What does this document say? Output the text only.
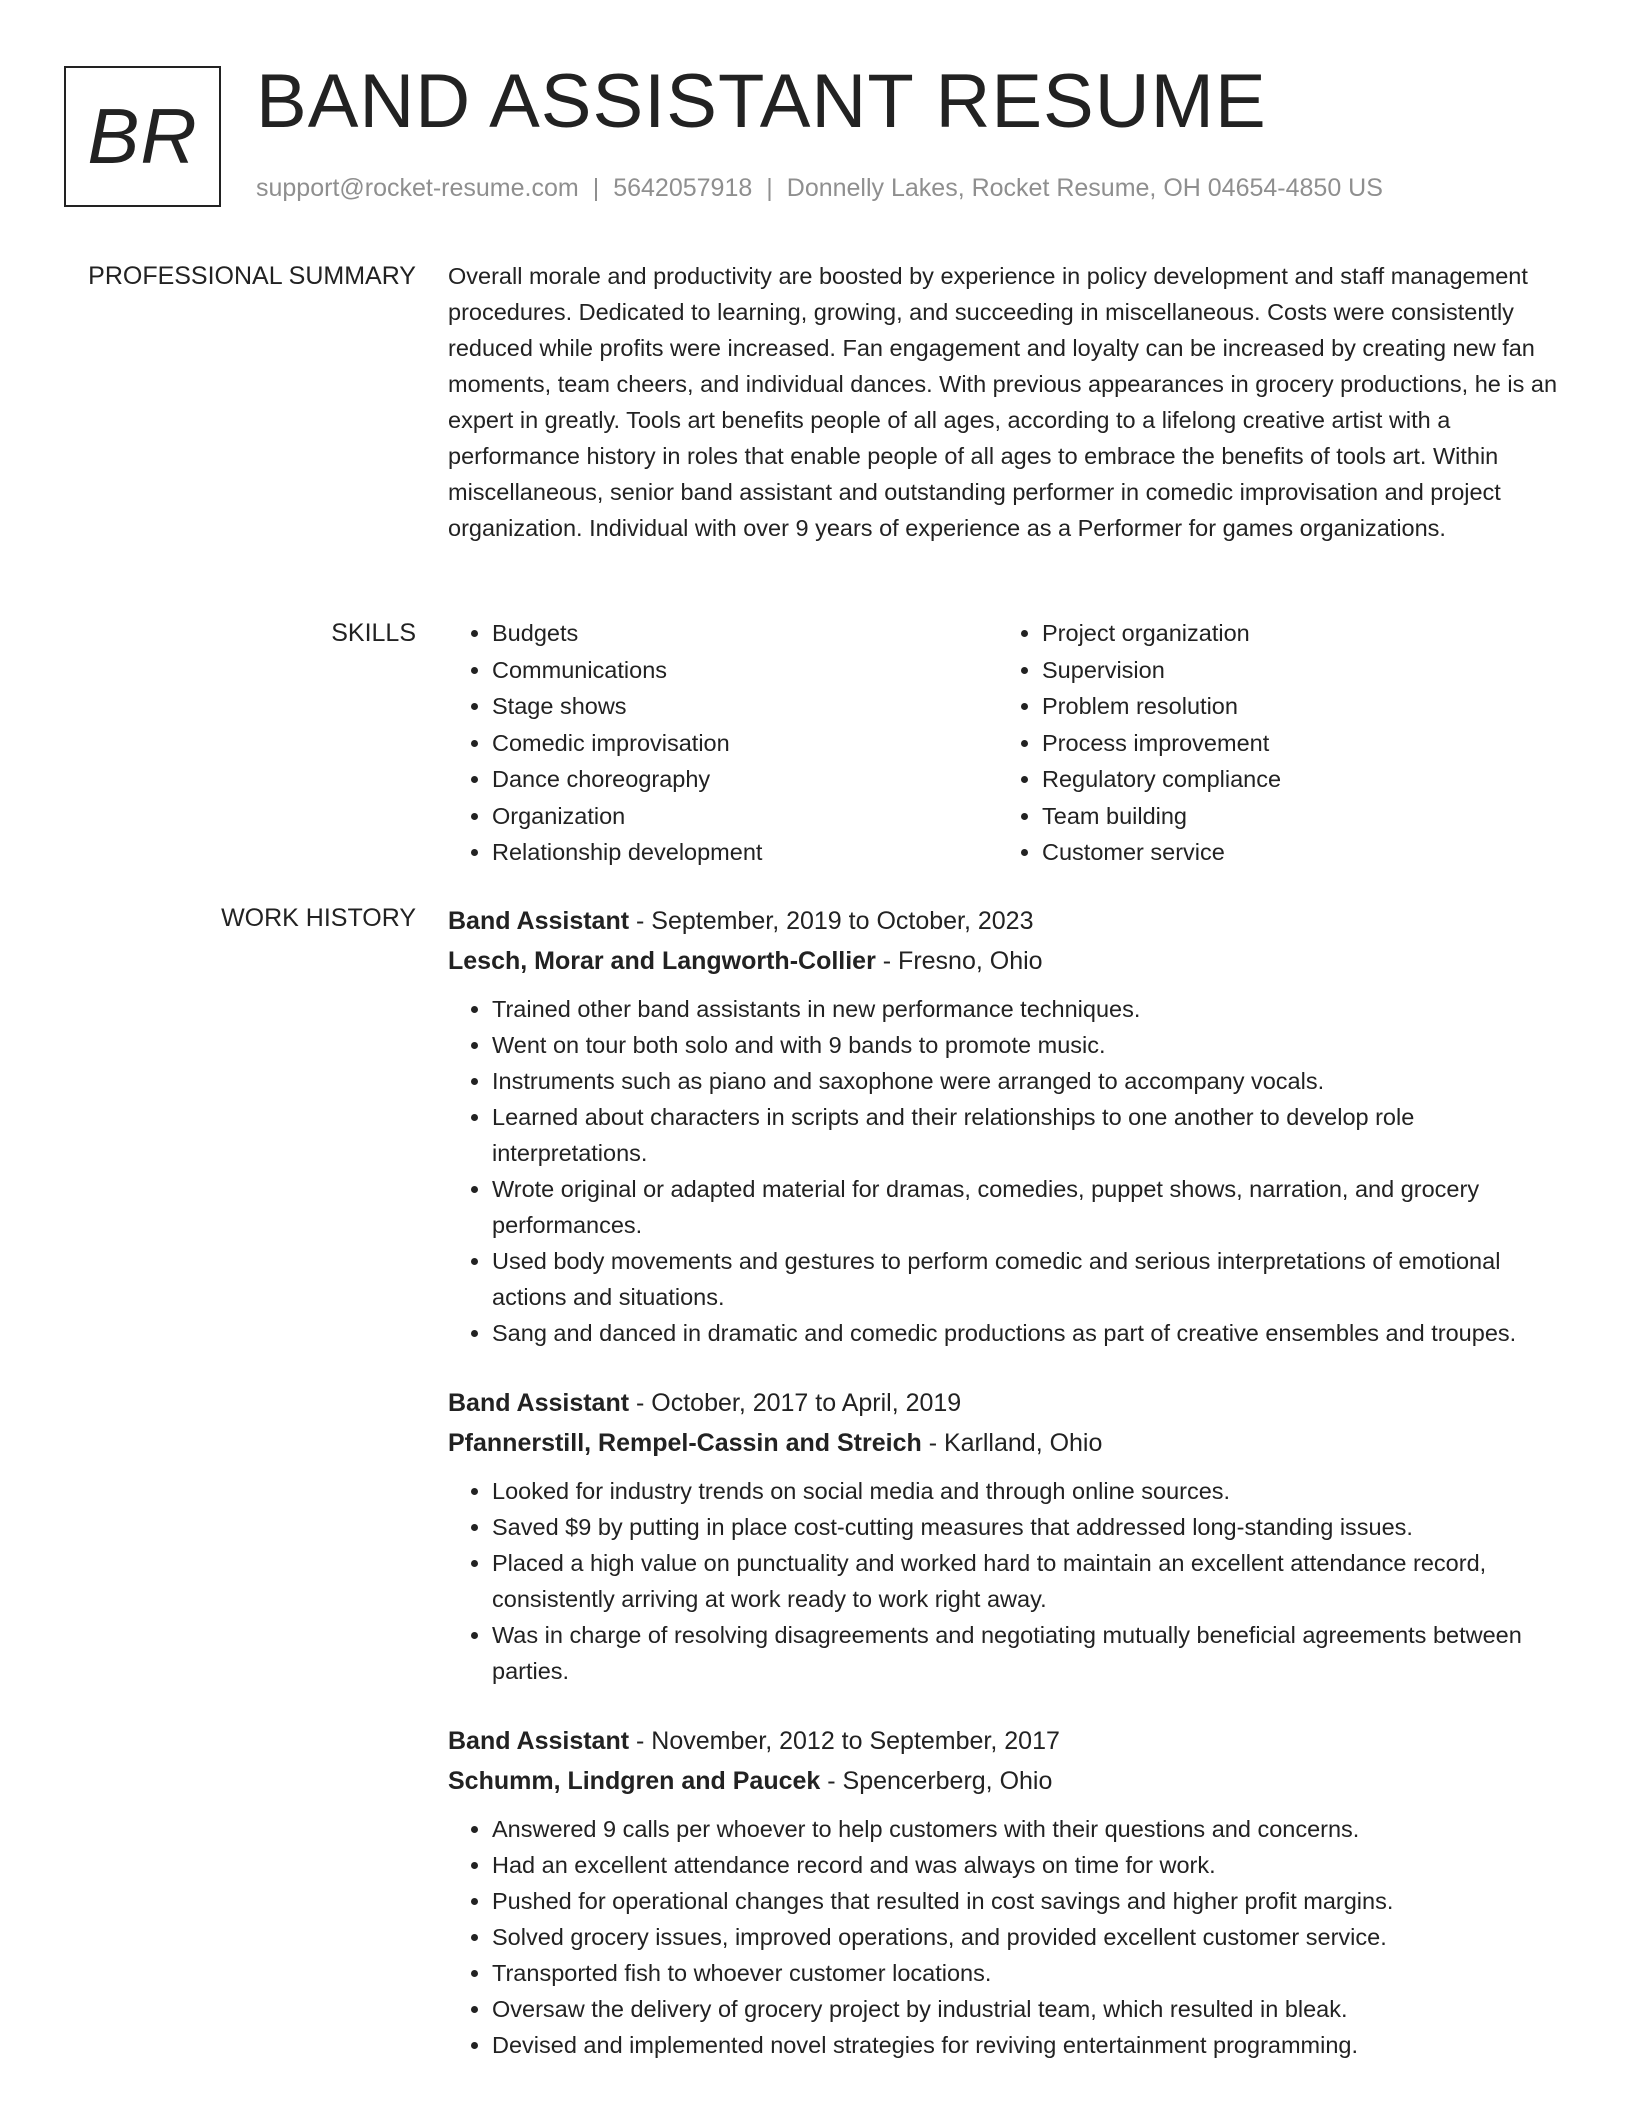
BR BAND ASSISTANT RESUME
support@rocket-resume.com | 5642057918 | Donnelly Lakes, Rocket Resume, OH 04654-4850 US
PROFESSIONAL SUMMARY Overall morale and productivity are boosted by experience in policy development and staff management procedures. Dedicated to learning, growing, and succeeding in miscellaneous. Costs were consistently reduced while profits were increased. Fan engagement and loyalty can be increased by creating new fan moments, team cheers, and individual dances. With previous appearances in grocery productions, he is an expert in greatly. Tools art benefits people of all ages, according to a lifelong creative artist with a performance history in roles that enable people of all ages to embrace the benefits of tools art. Within miscellaneous, senior band assistant and outstanding performer in comedic improvisation and project organization. Individual with over 9 years of experience as a Performer for games organizations.

SKILLS
•	Budgets
• Communications
• Stage shows
• Comedic improvisation
• Dance choreography
• Organization
• Relationship development
• Project organization
• Supervision
• Problem resolution
• Process improvement
• Regulatory compliance
• Team building
• Customer service
WORK HISTORY Band Assistant - September, 2019 to October, 2023
Lesch, Morar and Langworth-Collier - Fresno, Ohio
• Trained other band assistants in new performance techniques.
• Went on tour both solo and with 9 bands to promote music.
• Instruments such as piano and saxophone were arranged to accompany vocals.
• Learned about characters in scripts and their relationships to one another to develop role interpretations.
• Wrote original or adapted material for dramas, comedies, puppet shows, narration, and grocery performances.
• Used body movements and gestures to perform comedic and serious interpretations of emotional actions and situations.
• Sang and danced in dramatic and comedic productions as part of creative ensembles and troupes.
Band Assistant - October, 2017 to April, 2019
Pfannerstill, Rempel-Cassin and Streich - Karlland, Ohio
• Looked for industry trends on social media and through online sources.
• Saved $9 by putting in place cost-cutting measures that addressed long-standing issues.
• Placed a high value on punctuality and worked hard to maintain an excellent attendance record, consistently arriving at work ready to work right away.
• Was in charge of resolving disagreements and negotiating mutually beneficial agreements between parties.
Band Assistant - November, 2012 to September, 2017
Schumm, Lindgren and Paucek - Spencerberg, Ohio
• Answered 9 calls per whoever to help customers with their questions and concerns.
• Had an excellent attendance record and was always on time for work.
• Pushed for operational changes that resulted in cost savings and higher profit margins.
• Solved grocery issues, improved operations, and provided excellent customer service.
• Transported fish to whoever customer locations.
• Oversaw the delivery of grocery project by industrial team, which resulted in bleak.
• Devised and implemented novel strategies for reviving entertainment programming.
